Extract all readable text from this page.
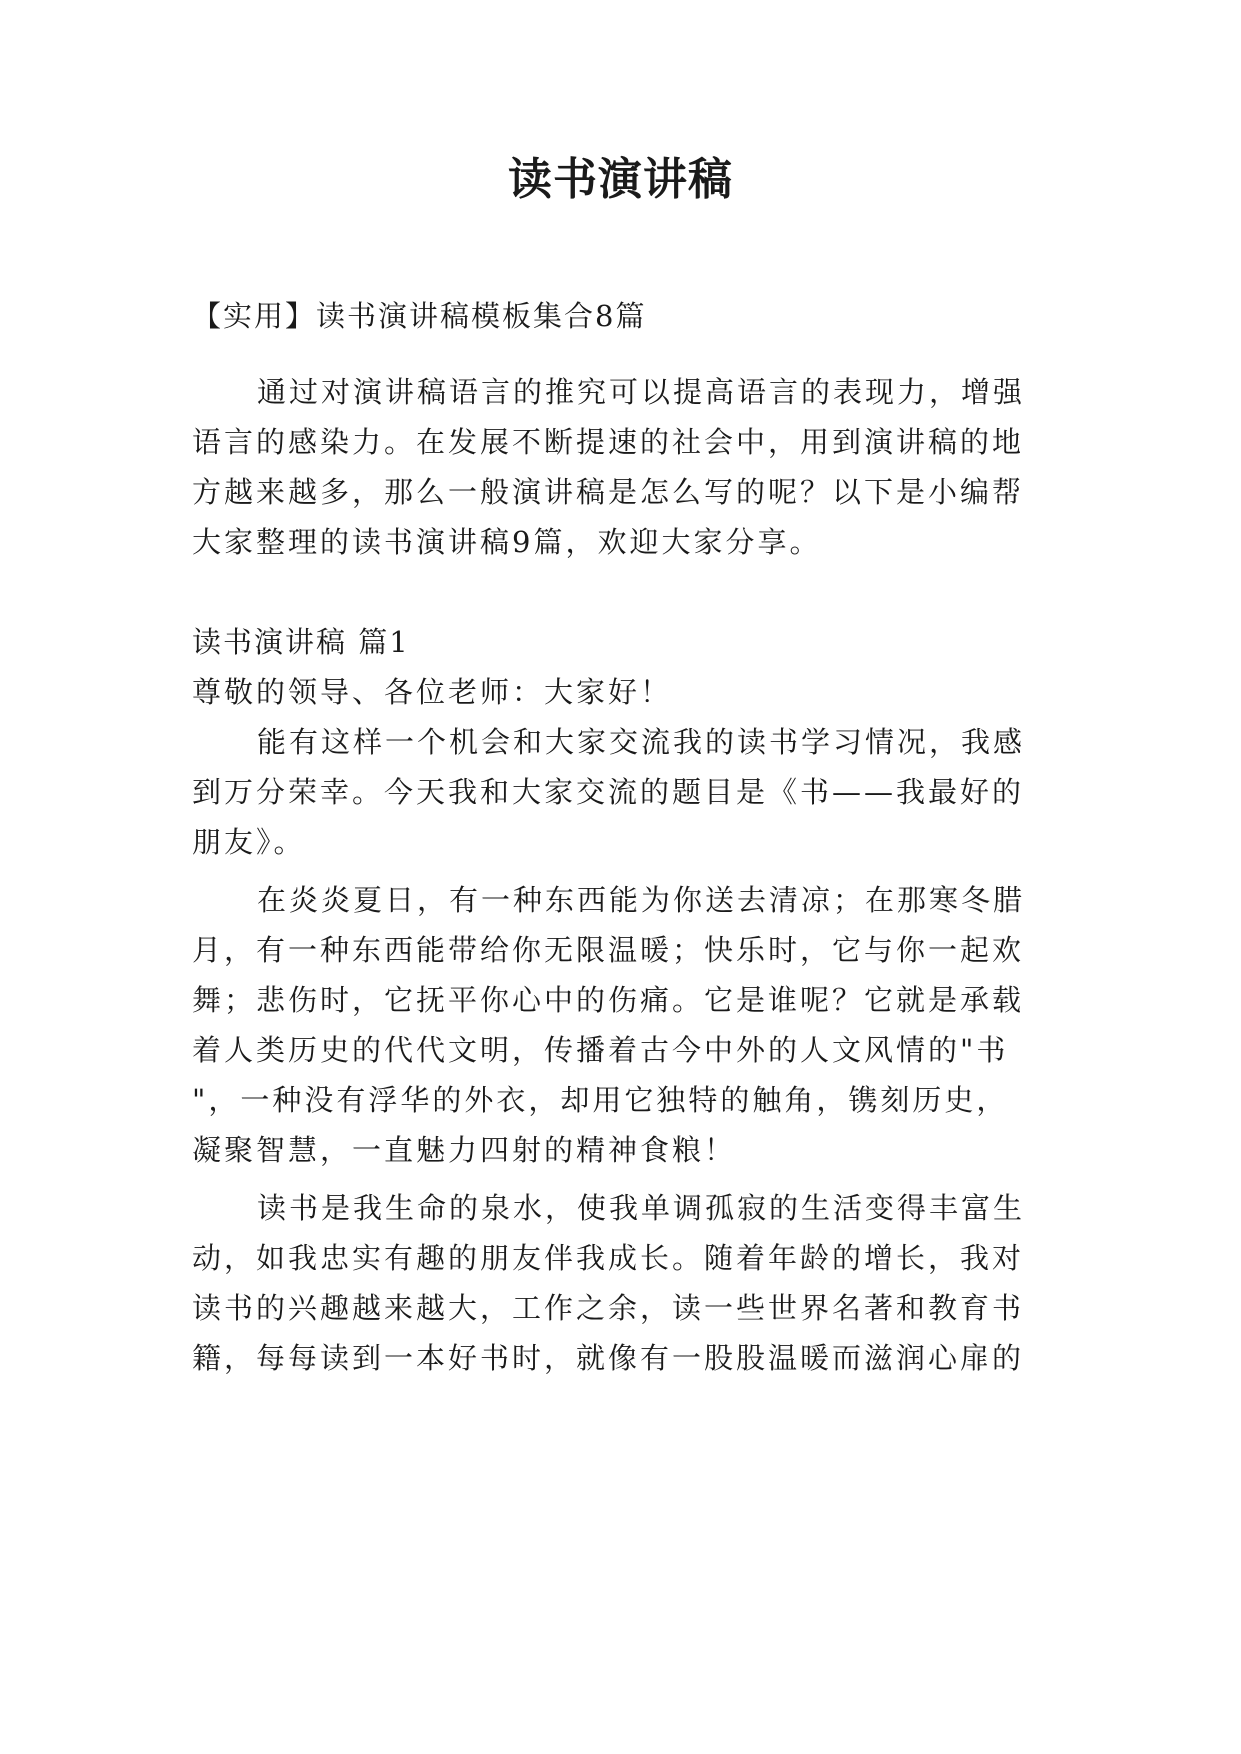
读书演讲稿
【实用】读书演讲稿模板集合8篇
通过对演讲稿语言的推究可以提高语言的表现力，增强
语言的感染力。在发展不断提速的社会中，用到演讲稿的地
方越来越多，那么一般演讲稿是怎么写的呢？以下是小编帮
大家整理的读书演讲稿9篇，欢迎大家分享。
读书演讲稿 篇1
尊敬的领导、各位老师：大家好！
能有这样一个机会和大家交流我的读书学习情况，我感
到万分荣幸。今天我和大家交流的题目是《书——我最好的
朋友》。
在炎炎夏日，有一种东西能为你送去清凉；在那寒冬腊
月，有一种东西能带给你无限温暖；快乐时，它与你一起欢
舞；悲伤时，它抚平你心中的伤痛。它是谁呢？它就是承载
着人类历史的代代文明，传播着古今中外的人文风情的"书
"，一种没有浮华的外衣，却用它独特的触角，镌刻历史，
凝聚智慧，一直魅力四射的精神食粮！
读书是我生命的泉水，使我单调孤寂的生活变得丰富生
动，如我忠实有趣的朋友伴我成长。随着年龄的增长，我对
读书的兴趣越来越大，工作之余，读一些世界名著和教育书
籍，每每读到一本好书时，就像有一股股温暖而滋润心扉的
